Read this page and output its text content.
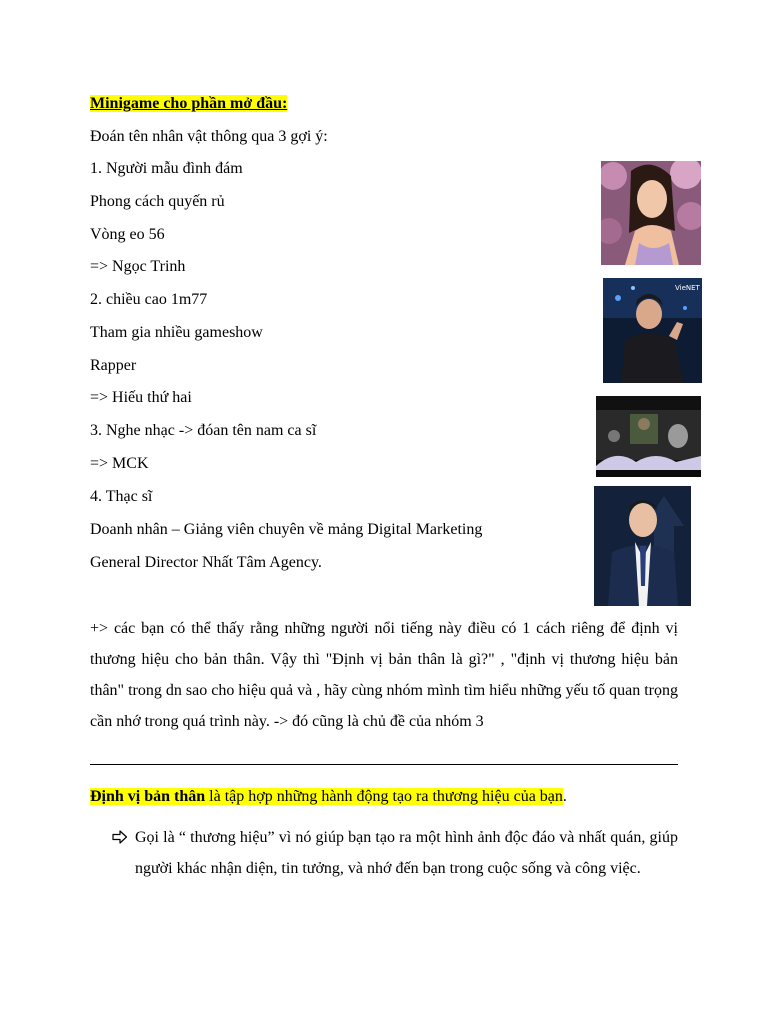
Minigame cho phần mở đầu:
Đoán tên nhân vật thông qua 3 gợi ý:
1. Người mẫu đình đám
Phong cách quyến rủ
Vòng eo 56
=> Ngọc Trinh
2. chiều cao 1m77
Tham gia nhiều gameshow
Rapper
=> Hiếu thứ hai
3. Nghe nhạc -> đóan tên nam ca sĩ
=> MCK
4. Thạc sĩ
Doanh nhân – Giảng viên chuyên về mảng Digital Marketing
General Director Nhất Tâm Agency.
VieNET
+> các bạn có thể thấy rằng những người nổi tiếng này điều có 1 cách riêng để định vị thương hiệu cho bản thân. Vậy thì "Định vị bản thân là gì?" , "định vị thương hiệu bản thân" trong dn sao cho hiệu quả và , hãy cùng nhóm mình tìm hiểu những yếu tố quan trọng cần nhớ trong quá trình này. -> đó cũng là chủ đề của nhóm 3
Định vị bản thân là tập hợp những hành động tạo ra thương hiệu của bạn.
Gọi là “ thương hiệu” vì nó giúp bạn tạo ra một hình ảnh độc đáo và nhất quán, giúp người khác nhận diện, tin tưởng, và nhớ đến bạn trong cuộc sống và công việc.
